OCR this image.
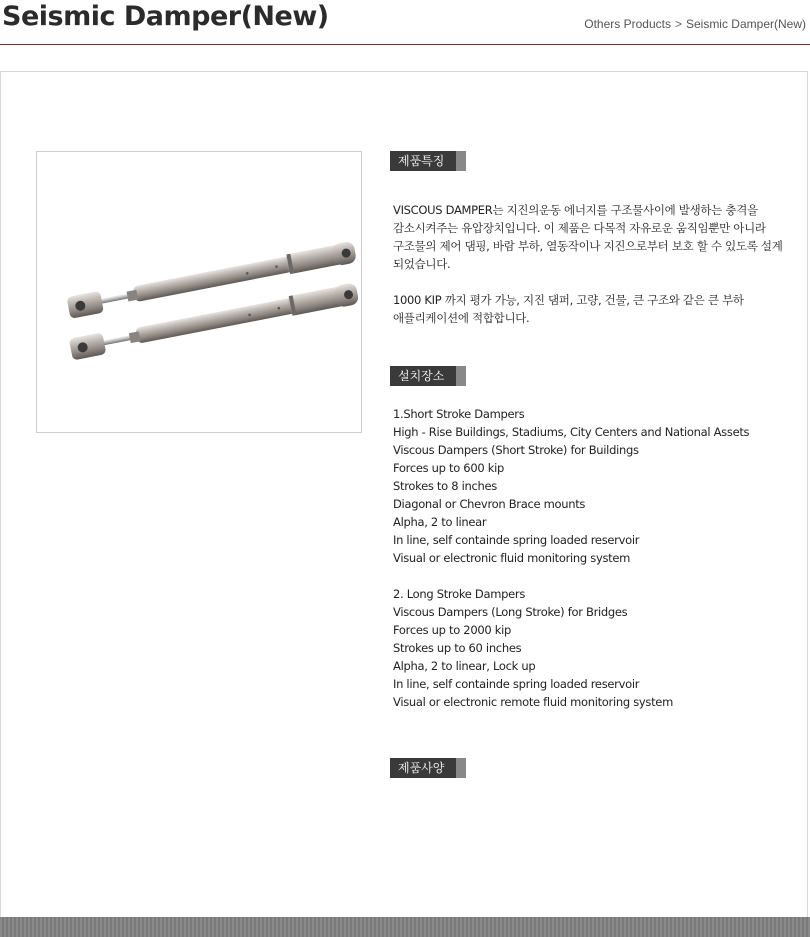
Seismic Damper(New)	Others Products > Seismic Damper(New)
제품특징

VISCOUS DAMPER는 지진의운동 에너지를 구조물사이에 발생하는 충격을

감소시켜주는 유압장치입니다. 이 제품은 다목적 자유로운 움직임뿐만 아니라

구조물의 제어 댐핑, 바람 부하, 열동작이나 지진으로부터 보호 할 수 있도록 설계

되었습니다.

1000 KIP 까지 평가 가능, 지진 댐퍼, 고량, 건물, 큰 구조와 같은 큰 부하

애플리케이션에 적합합니다.

설치장소

1.Short Stroke Dampers

High - Rise Buildings, Stadiums, City Centers and National Assets

Viscous Dampers (Short Stroke) for Buildings

Forces up to 600 kip

Strokes to 8 inches

Diagonal or Chevron Brace mounts

Alpha, 2 to linear

In line, self containde spring loaded reservoir

Visual or electronic fluid monitoring system

2. Long Stroke Dampers

Viscous Dampers (Long Stroke) for Bridges

Forces up to 2000 kip

Strokes up to 60 inches

Alpha, 2 to linear, Lock up

In line, self containde spring loaded reservoir

Visual or electronic remote fluid monitoring system

제품사양
